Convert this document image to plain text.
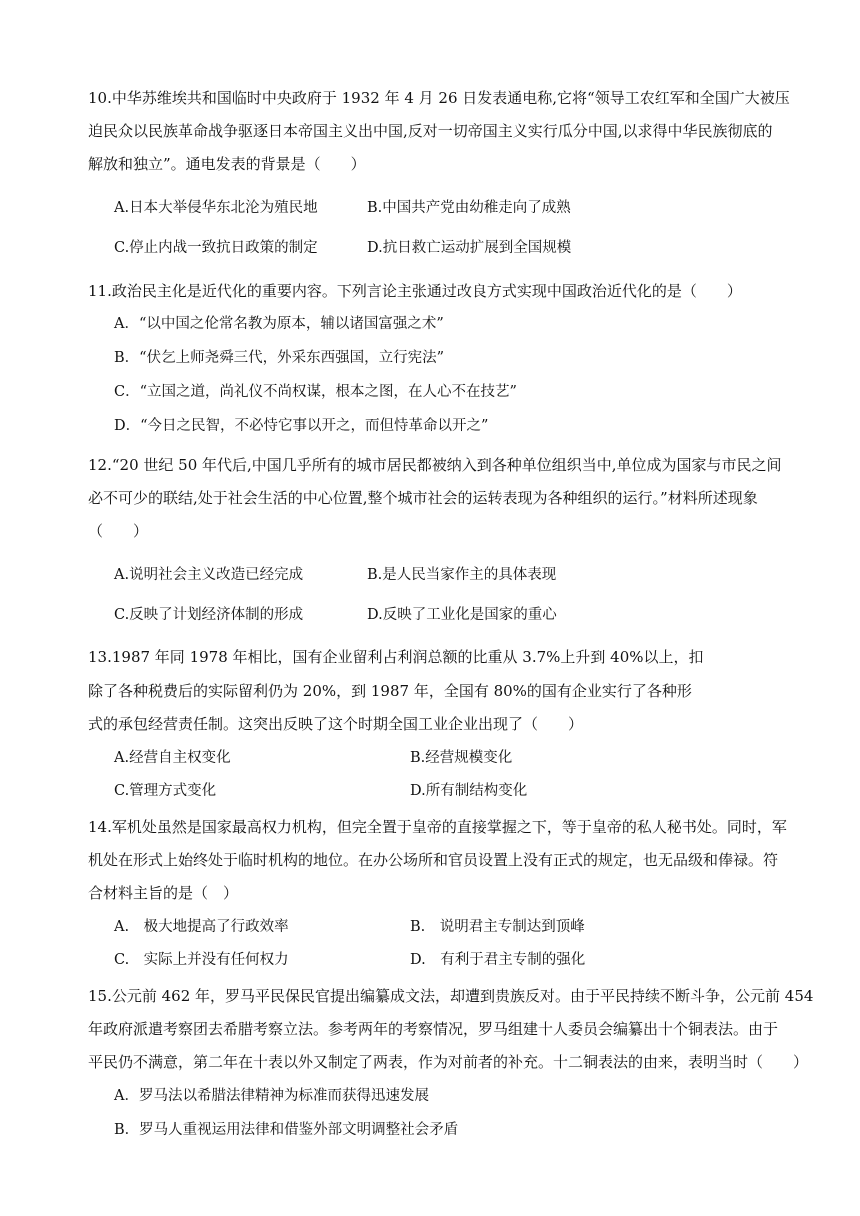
10.中华苏维埃共和国临时中央政府于 1932 年 4 月 26 日发表通电称,它将“领导工农红军和全国广大被压
迫民众以民族革命战争驱逐日本帝国主义出中国,反对一切帝国主义实行瓜分中国,以求得中华民族彻底的
解放和独立”。通电发表的背景是（　　）
A.日本大举侵华东北沦为殖民地	B.中国共产党由幼稚走向了成熟
C.停止内战一致抗日政策的制定	D.抗日救亡运动扩展到全国规模
11.政治民主化是近代化的重要内容。下列言论主张通过改良方式实现中国政治近代化的是（　　）
A．“以中国之伦常名教为原本，辅以诸国富强之术”
B．“伏乞上师尧舜三代，外采东西强国，立行宪法”
C．“立国之道，尚礼仪不尚权谋，根本之图，在人心不在技艺”
D．“今日之民智，不必恃它事以开之，而但恃革命以开之”
12.“20 世纪 50 年代后,中国几乎所有的城市居民都被纳入到各种单位组织当中,单位成为国家与市民之间
必不可少的联结,处于社会生活的中心位置,整个城市社会的运转表现为各种组织的运行。”材料所述现象
（　　）
A.说明社会主义改造已经完成	B.是人民当家作主的具体表现
C.反映了计划经济体制的形成	D.反映了工业化是国家的重心
13.1987 年同 1978 年相比，国有企业留利占利润总额的比重从 3.7%上升到 40%以上，扣
除了各种税费后的实际留利仍为 20%，到 1987 年，全国有 80%的国有企业实行了各种形
式的承包经营责任制。这突出反映了这个时期全国工业企业出现了（　　）
A.经营自主权变化	B.经营规模变化
C.管理方式变化	D.所有制结构变化
14.军机处虽然是国家最高权力机构，但完全置于皇帝的直接掌握之下，等于皇帝的私人秘书处。同时，军
机处在形式上始终处于临时机构的地位。在办公场所和官员设置上没有正式的规定，也无品级和俸禄。符
合材料主旨的是（　）
A.　极大地提高了行政效率	B.　说明君主专制达到顶峰
C.　实际上并没有任何权力	D.　有利于君主专制的强化
15.公元前 462 年，罗马平民保民官提出编纂成文法，却遭到贵族反对。由于平民持续不断斗争，公元前 454
年政府派遣考察团去希腊考察立法。参考两年的考察情况，罗马组建十人委员会编纂出十个铜表法。由于
平民仍不满意，第二年在十表以外又制定了两表，作为对前者的补充。十二铜表法的由来，表明当时（　　）
A．罗马法以希腊法律精神为标准而获得迅速发展
B．罗马人重视运用法律和借鉴外部文明调整社会矛盾
